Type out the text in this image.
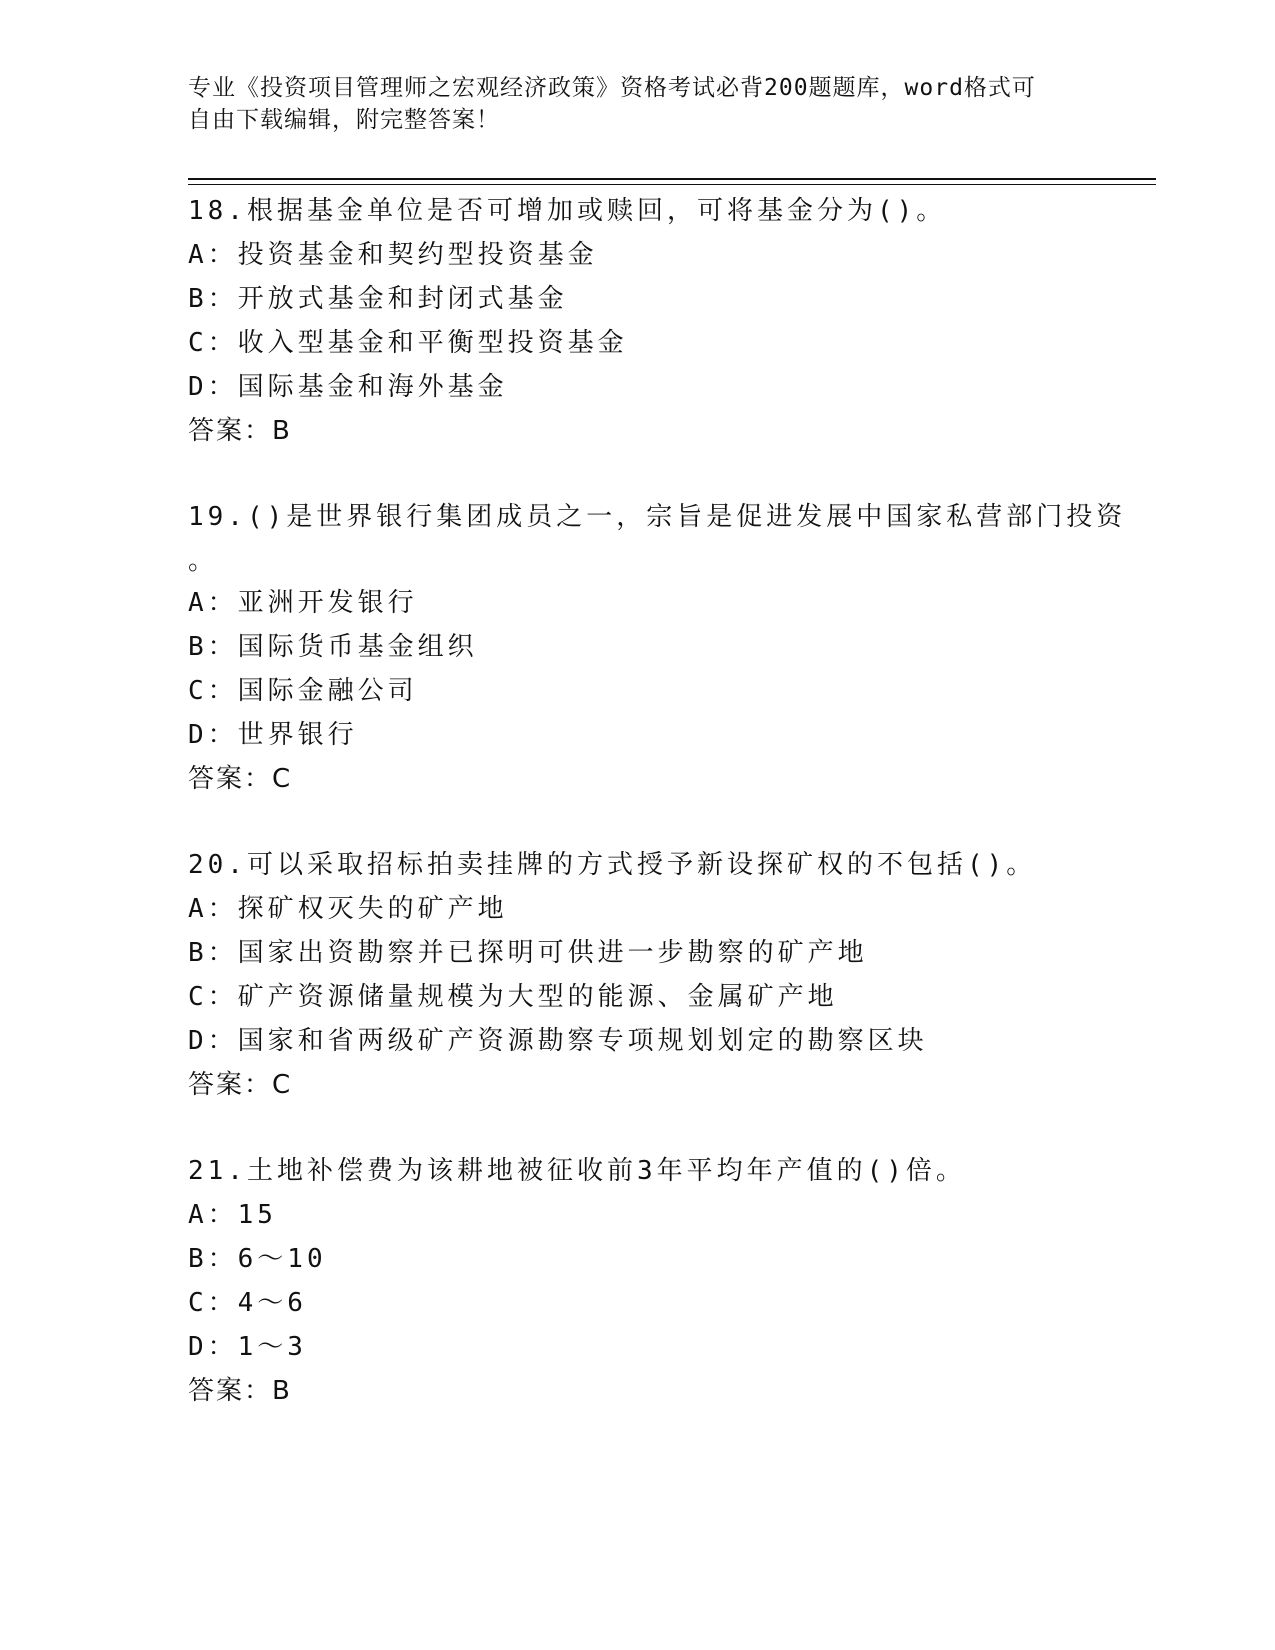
专业《投资项目管理师之宏观经济政策》资格考试必背200题题库，word格式可
自由下载编辑，附完整答案！
18.根据基金单位是否可增加或赎回，可将基金分为()。
A：投资基金和契约型投资基金
B：开放式基金和封闭式基金
C：收入型基金和平衡型投资基金
D：国际基金和海外基金
答案：B
19.()是世界银行集团成员之一，宗旨是促进发展中国家私营部门投资
。
A：亚洲开发银行
B：国际货币基金组织
C：国际金融公司
D：世界银行
答案：C
20.可以采取招标拍卖挂牌的方式授予新设探矿权的不包括()。
A：探矿权灭失的矿产地
B：国家出资勘察并已探明可供进一步勘察的矿产地
C：矿产资源储量规模为大型的能源、金属矿产地
D：国家和省两级矿产资源勘察专项规划划定的勘察区块
答案：C
21.土地补偿费为该耕地被征收前3年平均年产值的()倍。
A：15
B：6～10
C：4～6
D：1～3
答案：B
